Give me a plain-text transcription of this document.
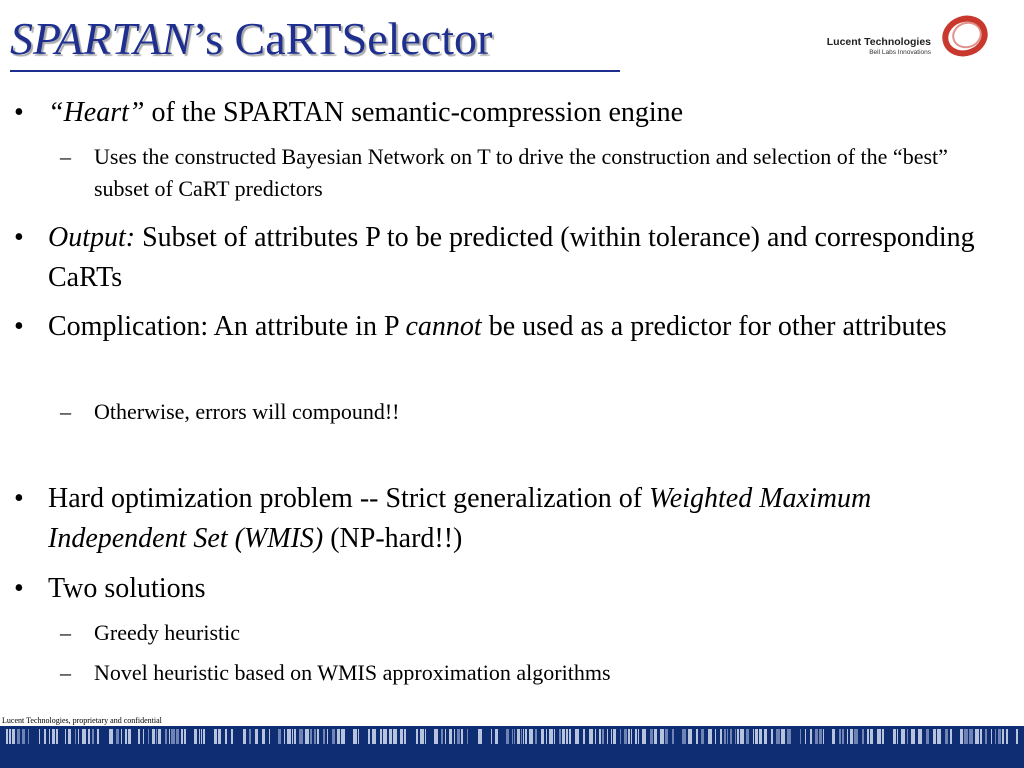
SPARTAN’s CaRTSelector	Lucent Technologies
Bell Labs Innovations
• “Heart” of the SPARTAN semantic-compression engine
– Uses the constructed Bayesian Network on T to drive the construction and selection of the “best” subset of CaRT predictors
• Output: Subset of attributes P to be predicted (within tolerance) and corresponding CaRTs
• Complication: An attribute in P cannot be used as a predictor for other attributes
– Otherwise, errors will compound!!
• Hard optimization problem -- Strict generalization of Weighted Maximum Independent Set (WMIS) (NP-hard!!)
• Two solutions
– Greedy heuristic
– Novel heuristic based on WMIS approximation algorithms
Lucent Technologies, proprietary and confidential
